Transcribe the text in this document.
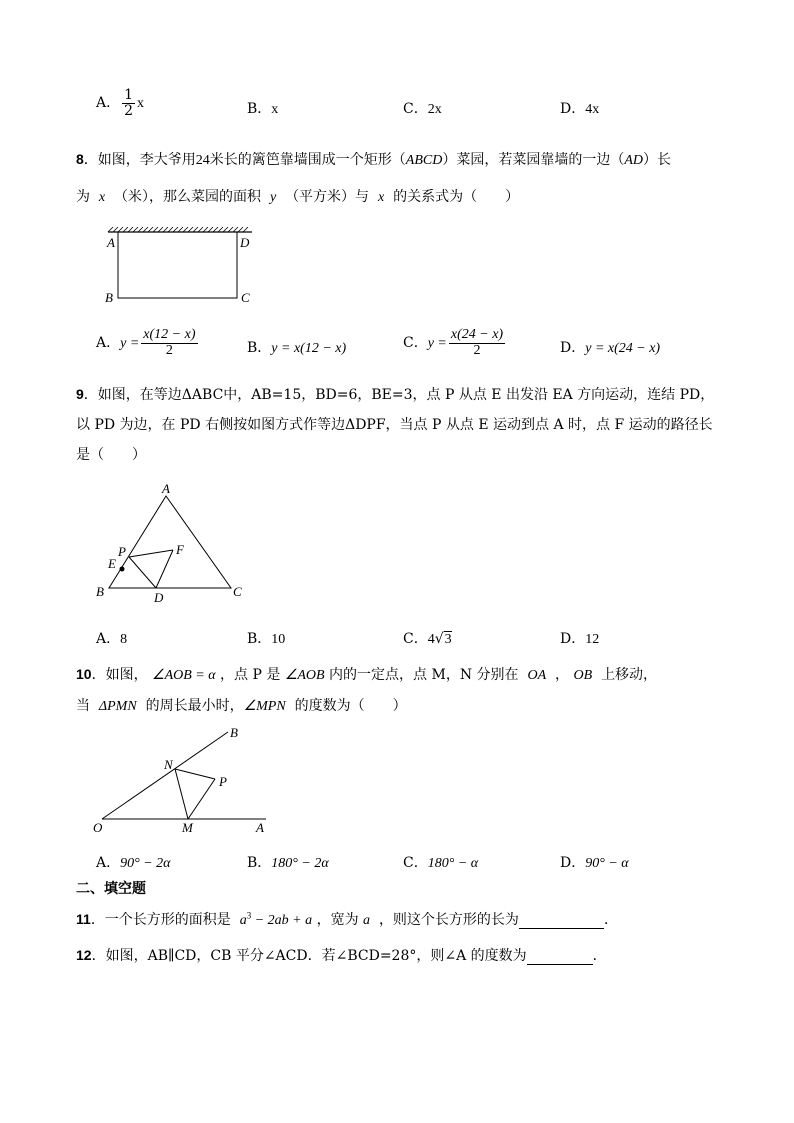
A． $\frac{1}{2}$ x	B．x	C．2x	D．4x
8．如图，李大爷用24米长的篱笆靠墙围成一个矩形（ABCD）菜园，若菜园靠墙的一边（AD）长
为 x （米），那么菜园的面积 y （平方米）与 x 的关系式为（　　）
A	D
B	C
A．$y = \frac{x(12 - x)}{2}$	B．y = x(12 − x)	C．$y = \frac{x(24 - x)}{2}$	D．y = x(24 − x)
9．如图，在等边ΔABC中，AB=15，BD=6，BE=3，点 P 从点 E 出发沿 EA 方向运动，连结 PD，
以 PD 为边，在 PD 右侧按如图方式作等边ΔDPF，当点 P 从点 E 运动到点 A 时，点 F 运动的路径长
是（　　）
A
P	F
E
B	D	C
A．8	B．10	C．4√3	D．12
10．如图， ∠AOB = α ，点 P 是 ∠AOB 内的一定点，点 M，N 分别在 OA ， OB 上移动，
当 ΔPMN 的周长最小时，∠MPN 的度数为（　　）
O	A
B
N
P
M
A．90° − 2α	B．180° − 2α	C．180° − α	D．90° − α
二、填空题
11．一个长方形的面积是 $a^3 - 2ab + a$ ，宽为 a ，则这个长方形的长为	．
12．如图，AB∥CD，CB 平分∠ACD．若∠BCD=28°，则∠A 的度数为	．
